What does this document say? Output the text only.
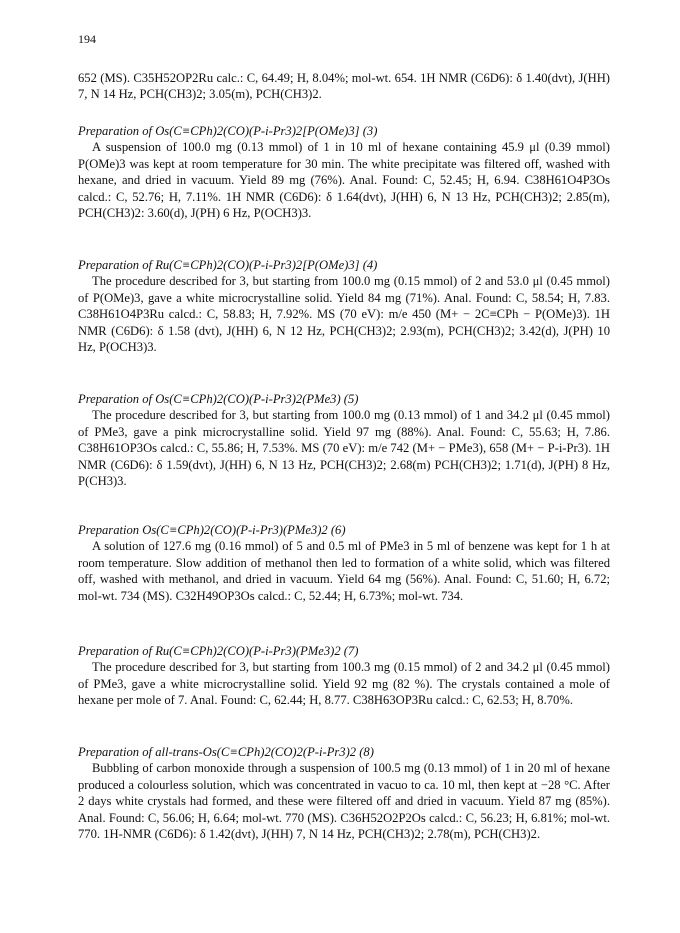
194

652 (MS). C35H52OP2Ru calc.: C, 64.49; H, 8.04%; mol-wt. 654. 1H NMR (C6D6): δ 1.40(dvt), J(HH) 7, N 14 Hz, PCH(CH3)2; 3.05(m), PCH(CH3)2.

Preparation of Os(C≡CPh)2(CO)(P-i-Pr3)2[P(OMe)3] (3)

A suspension of 100.0 mg (0.13 mmol) of 1 in 10 ml of hexane containing 45.9 μl (0.39 mmol) P(OMe)3 was kept at room temperature for 30 min. The white precipitate was filtered off, washed with hexane, and dried in vacuum. Yield 89 mg (76%). Anal. Found: C, 52.45; H, 6.94. C38H61O4P3Os calcd.: C, 52.76; H, 7.11%. 1H NMR (C6D6): δ 1.64(dvt), J(HH) 6, N 13 Hz, PCH(CH3)2; 2.85(m), PCH(CH3)2: 3.60(d), J(PH) 6 Hz, P(OCH3)3.

Preparation of Ru(C≡CPh)2(CO)(P-i-Pr3)2[P(OMe)3] (4)

The procedure described for 3, but starting from 100.0 mg (0.15 mmol) of 2 and 53.0 μl (0.45 mmol) of P(OMe)3, gave a white microcrystalline solid. Yield 84 mg (71%). Anal. Found: C, 58.54; H, 7.83. C38H61O4P3Ru calcd.: C, 58.83; H, 7.92%. MS (70 eV): m/e 450 (M+ − 2C≡CPh − P(OMe)3). 1H NMR (C6D6): δ 1.58 (dvt), J(HH) 6, N 12 Hz, PCH(CH3)2; 2.93(m), PCH(CH3)2; 3.42(d), J(PH) 10 Hz, P(OCH3)3.

Preparation of Os(C≡CPh)2(CO)(P-i-Pr3)2(PMe3) (5)

The procedure described for 3, but starting from 100.0 mg (0.13 mmol) of 1 and 34.2 μl (0.45 mmol) of PMe3, gave a pink microcrystalline solid. Yield 97 mg (88%). Anal. Found: C, 55.63; H, 7.86. C38H61OP3Os calcd.: C, 55.86; H, 7.53%. MS (70 eV): m/e 742 (M+ − PMe3), 658 (M+ − P-i-Pr3). 1H NMR (C6D6): δ 1.59(dvt), J(HH) 6, N 13 Hz, PCH(CH3)2; 2.68(m) PCH(CH3)2; 1.71(d), J(PH) 8 Hz, P(CH3)3.

Preparation Os(C≡CPh)2(CO)(P-i-Pr3)(PMe3)2 (6)

A solution of 127.6 mg (0.16 mmol) of 5 and 0.5 ml of PMe3 in 5 ml of benzene was kept for 1 h at room temperature. Slow addition of methanol then led to formation of a white solid, which was filtered off, washed with methanol, and dried in vacuum. Yield 64 mg (56%). Anal. Found: C, 51.60; H, 6.72; mol-wt. 734 (MS). C32H49OP3Os calcd.: C, 52.44; H, 6.73%; mol-wt. 734.

Preparation of Ru(C≡CPh)2(CO)(P-i-Pr3)(PMe3)2 (7)

The procedure described for 3, but starting from 100.3 mg (0.15 mmol) of 2 and 34.2 μl (0.45 mmol) of PMe3, gave a white microcrystalline solid. Yield 92 mg (82 %). The crystals contained a mole of hexane per mole of 7. Anal. Found: C, 62.44; H, 8.77. C38H63OP3Ru calcd.: C, 62.53; H, 8.70%.

Preparation of all-trans-Os(C≡CPh)2(CO)2(P-i-Pr3)2 (8)

Bubbling of carbon monoxide through a suspension of 100.5 mg (0.13 mmol) of 1 in 20 ml of hexane produced a colourless solution, which was concentrated in vacuo to ca. 10 ml, then kept at −28 °C. After 2 days white crystals had formed, and these were filtered off and dried in vacuum. Yield 87 mg (85%). Anal. Found: C, 56.06; H, 6.64; mol-wt. 770 (MS). C36H52O2P2Os calcd.: C, 56.23; H, 6.81%; mol-wt. 770. 1H-NMR (C6D6): δ 1.42(dvt), J(HH) 7, N 14 Hz, PCH(CH3)2; 2.78(m), PCH(CH3)2.
